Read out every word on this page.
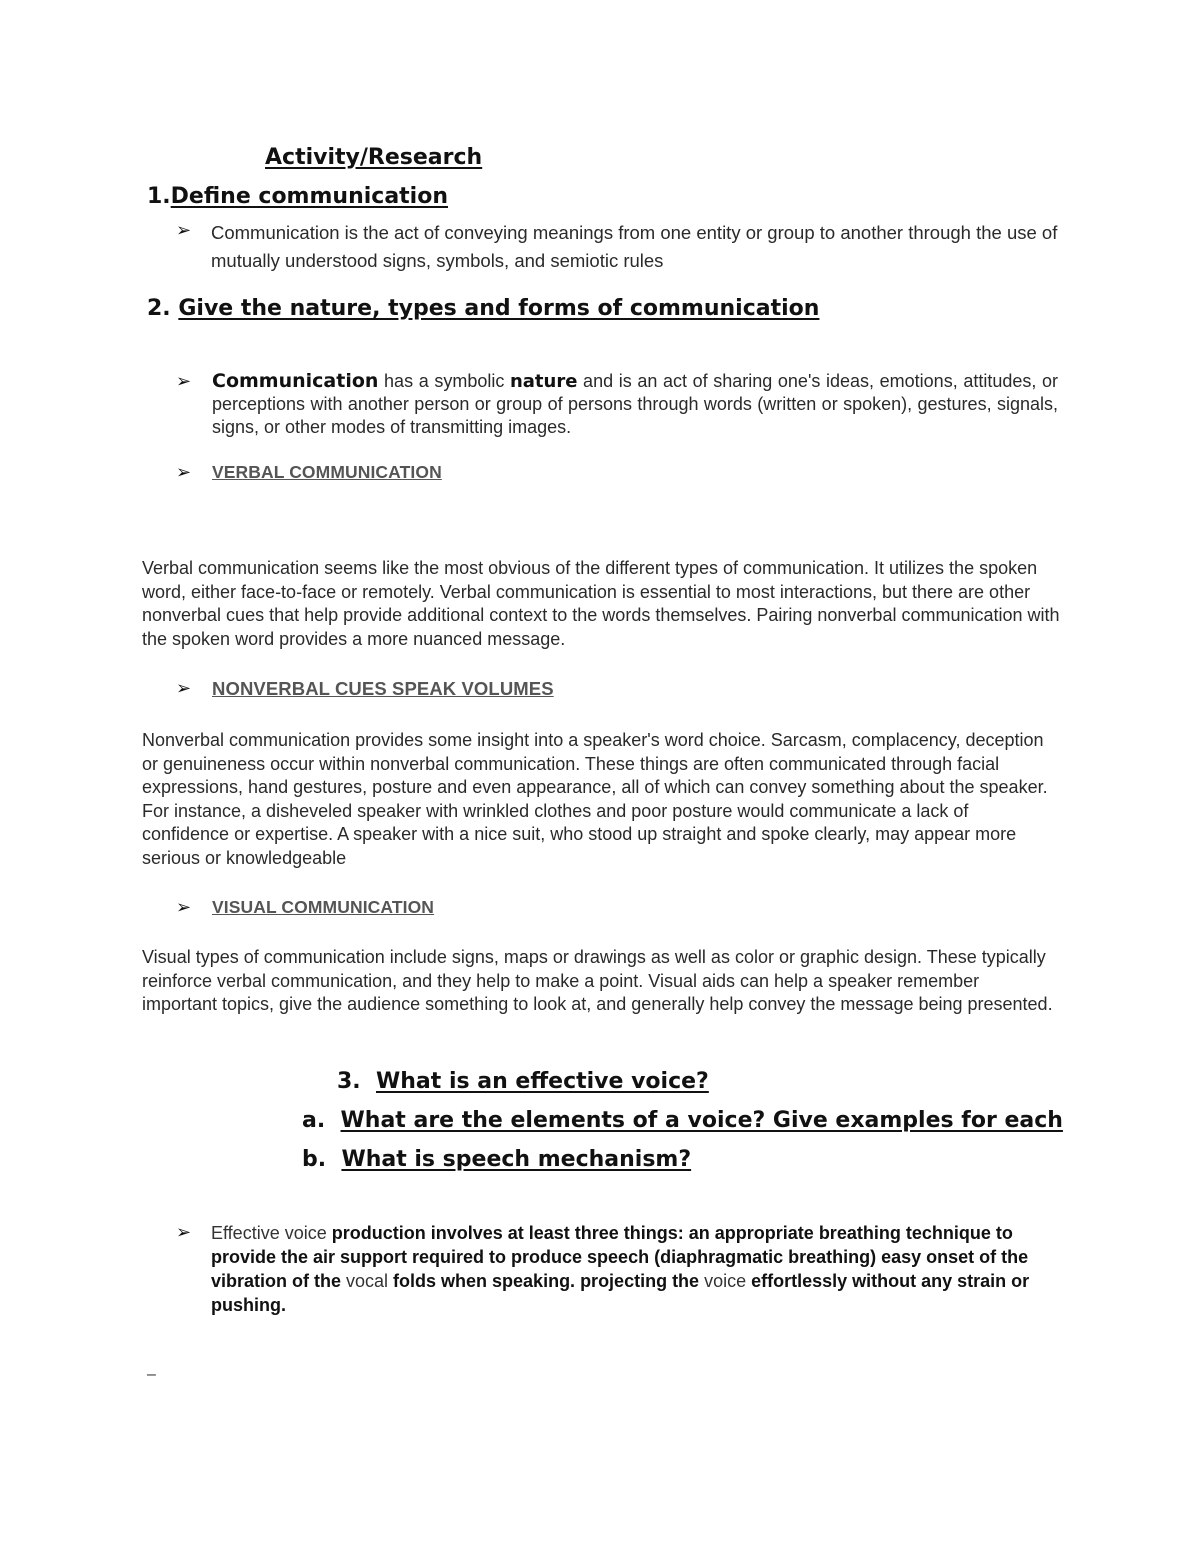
Activity/Research
1.Define communication
➢ Communication is the act of conveying meanings from one entity or group to another through the use of mutually understood signs, symbols, and semiotic rules
2. Give the nature, types and forms of communication
➢ Communication has a symbolic nature and is an act of sharing one's ideas, emotions, attitudes, or perceptions with another person or group of persons through words (written or spoken), gestures, signals, signs, or other modes of transmitting images.
➢ VERBAL COMMUNICATION
Verbal communication seems like the most obvious of the different types of communication. It utilizes the spoken word, either face-to-face or remotely. Verbal communication is essential to most interactions, but there are other nonverbal cues that help provide additional context to the words themselves. Pairing nonverbal communication with the spoken word provides a more nuanced message.
➢ NONVERBAL CUES SPEAK VOLUMES
Nonverbal communication provides some insight into a speaker's word choice. Sarcasm, complacency, deception or genuineness occur within nonverbal communication. These things are often communicated through facial expressions, hand gestures, posture and even appearance, all of which can convey something about the speaker. For instance, a disheveled speaker with wrinkled clothes and poor posture would communicate a lack of confidence or expertise. A speaker with a nice suit, who stood up straight and spoke clearly, may appear more serious or knowledgeable
➢ VISUAL COMMUNICATION
Visual types of communication include signs, maps or drawings as well as color or graphic design. These typically reinforce verbal communication, and they help to make a point. Visual aids can help a speaker remember important topics, give the audience something to look at, and generally help convey the message being presented.
3. What is an effective voice?
a. What are the elements of a voice? Give examples for each
b. What is speech mechanism?
➢ Effective voice production involves at least three things: an appropriate breathing technique to provide the air support required to produce speech (diaphragmatic breathing) easy onset of the vibration of the vocal folds when speaking. projecting the voice effortlessly without any strain or pushing.
–
